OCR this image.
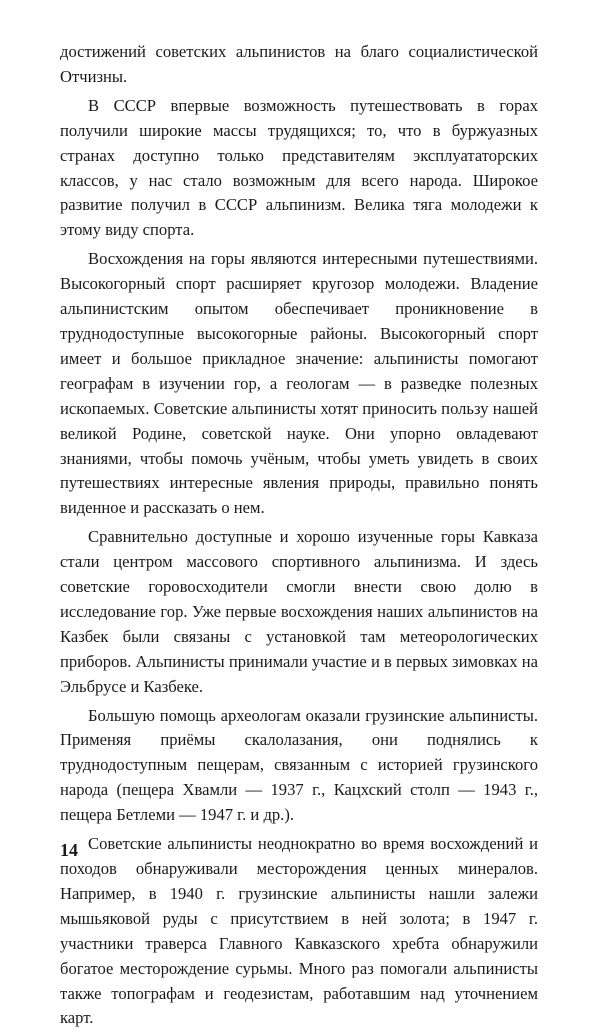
достижений советских альпинистов на благо социалистической Отчизны.

В СССР впервые возможность путешествовать в горах получили широкие массы трудящихся; то, что в буржуазных странах доступно только представителям эксплуататорских классов, у нас стало возможным для всего народа. Широкое развитие получил в СССР альпинизм. Велика тяга молодежи к этому виду спорта.

Восхождения на горы являются интересными путешествиями. Высокогорный спорт расширяет кругозор молодежи. Владение альпинистским опытом обеспечивает проникновение в труднодоступные высокогорные районы. Высокогорный спорт имеет и большое прикладное значение: альпинисты помогают географам в изучении гор, а геологам — в разведке полезных ископаемых. Советские альпинисты хотят приносить пользу нашей великой Родине, советской науке. Они упорно овладевают знаниями, чтобы помочь учёным, чтобы уметь увидеть в своих путешествиях интересные явления природы, правильно понять виденное и рассказать о нем.

Сравнительно доступные и хорошо изученные горы Кавказа стали центром массового спортивного альпинизма. И здесь советские горовосходители смогли внести свою долю в исследование гор. Уже первые восхождения наших альпинистов на Казбек были связаны с установкой там метеорологических приборов. Альпинисты принимали участие и в первых зимовках на Эльбрусе и Казбеке.

Большую помощь археологам оказали грузинские альпинисты. Применяя приёмы скалолазания, они поднялись к труднодоступным пещерам, связанным с историей грузинского народа (пещера Хвамли — 1937 г., Кацхский столп — 1943 г., пещера Бетлеми — 1947 г. и др.).

Советские альпинисты неоднократно во время восхождений и походов обнаруживали месторождения ценных минералов. Например, в 1940 г. грузинские альпинисты нашли залежи мышьяковой руды с присутствием в ней золота; в 1947 г. участники траверса Главного Кавказского хребта обнаружили богатое месторождение сурьмы. Много раз помогали альпинисты также топографам и геодезистам, работавшим над уточнением карт.

14
